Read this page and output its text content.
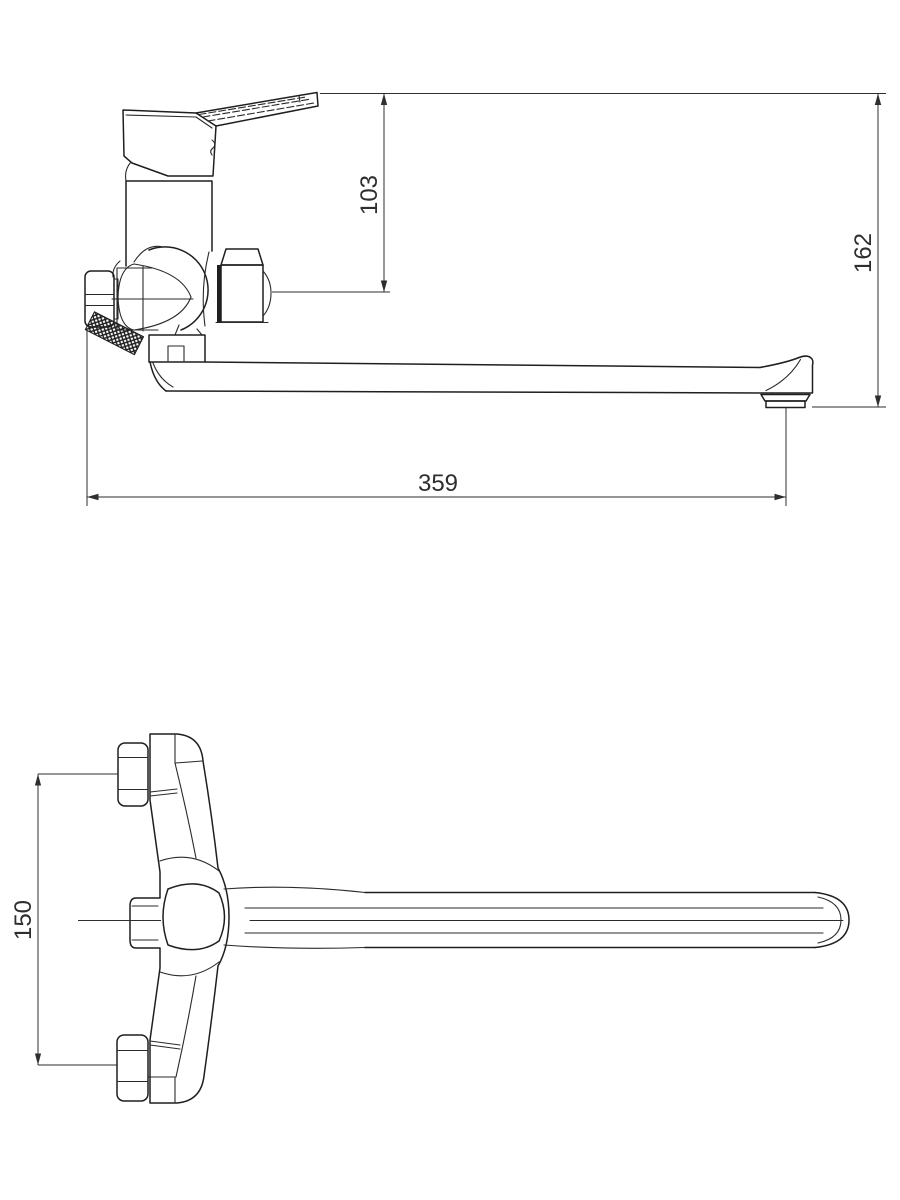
103
162
359
150
